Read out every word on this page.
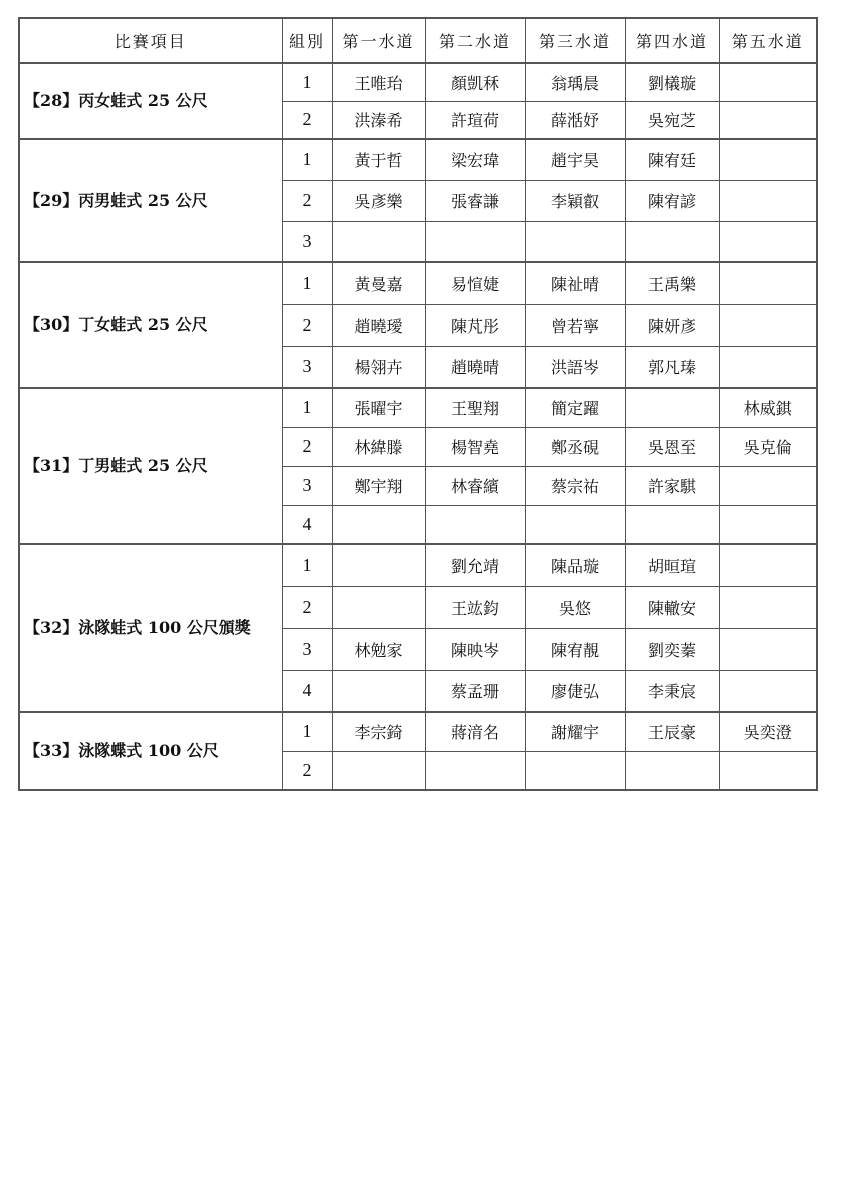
比賽項目	組別	第一水道	第二水道	第三水道	第四水道	第五水道
【28】丙女蛙式 25 公尺	1	王唯珆	顏凱秝	翁瑀晨	劉檥璇	
	2	洪溱希	許瑄荷	薛湉妤	吳宛芝	
【29】丙男蛙式 25 公尺	1	黃于哲	梁宏瑋	趙宇昊	陳宥廷	
	2	吳彥樂	張睿謙	李穎叡	陳宥諺	
	3					
【30】丁女蛙式 25 公尺	1	黃曼嘉	易愃婕	陳祉晴	王禹樂	
	2	趙曉璦	陳芃彤	曾若寧	陳妍彥	
	3	楊翎卉	趙曉晴	洪語岑	郭凡瑧	
【31】丁男蛙式 25 公尺	1	張曜宇	王聖翔	簡定躍		林威錤
	2	林緯滕	楊智堯	鄭丞硯	吳恩至	吳克倫
	3	鄭宇翔	林睿繽	蔡宗祐	許家騏	
	4					
【32】泳隊蛙式 100 公尺頒獎	1		劉允靖	陳品璇	胡晅瑄	
	2		王竑鈞	吳悠	陳轍安	
	3	林勉家	陳映岑	陳宥靚	劉奕蓁	
	4		蔡孟珊	廖倢弘	李秉宸	
【33】泳隊蝶式 100 公尺	1	李宗錡	蔣湇名	謝耀宇	王辰豪	吳奕澄
	2					
